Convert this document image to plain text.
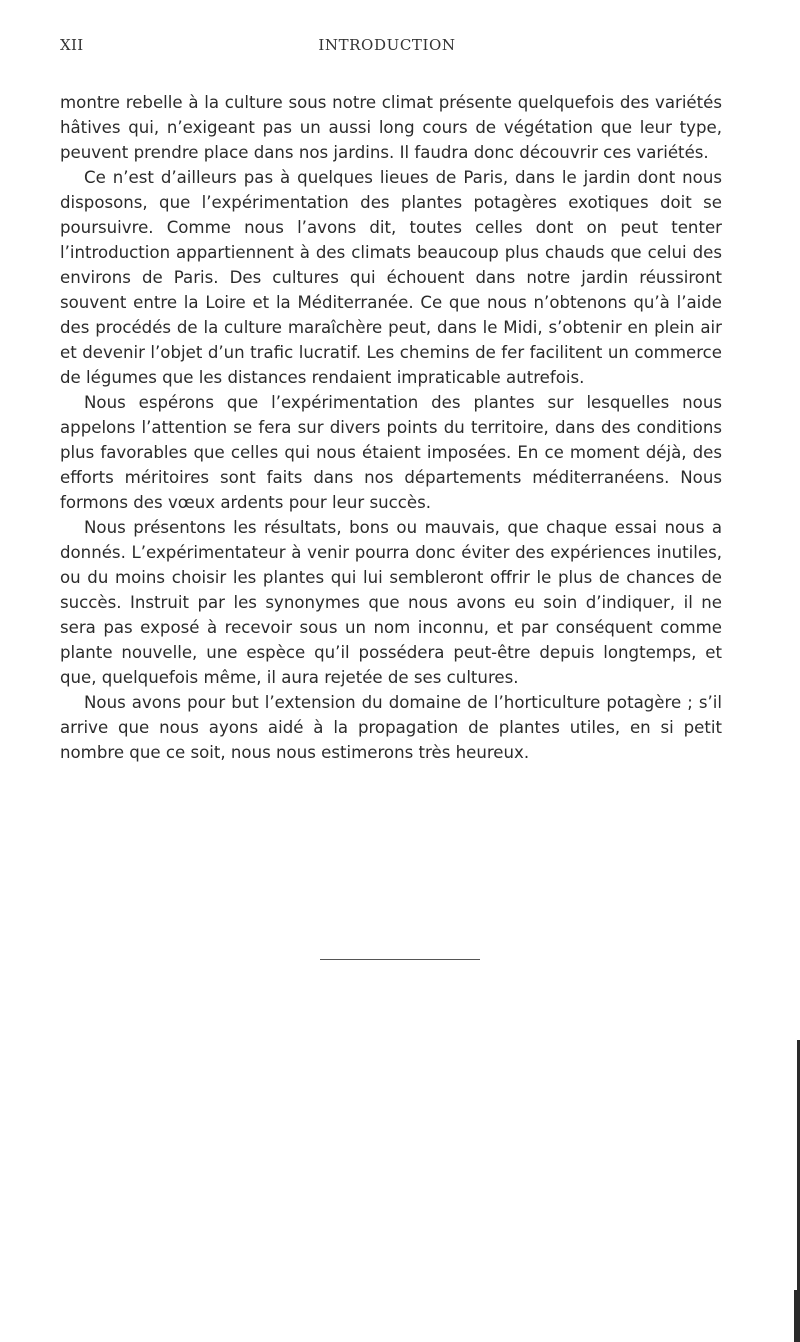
XII	INTRODUCTION

montre rebelle à la culture sous notre climat présente quelquefois des variétés hâtives qui, n’exigeant pas un aussi long cours de végétation que leur type, peuvent prendre place dans nos jardins. Il faudra donc découvrir ces variétés.

Ce n’est d’ailleurs pas à quelques lieues de Paris, dans le jardin dont nous disposons, que l’expérimentation des plantes potagères exotiques doit se poursuivre. Comme nous l’avons dit, toutes celles dont on peut tenter l’introduction appartiennent à des climats beaucoup plus chauds que celui des environs de Paris. Des cultures qui échouent dans notre jardin réussiront souvent entre la Loire et la Méditerranée. Ce que nous n’obtenons qu’à l’aide des procédés de la culture maraîchère peut, dans le Midi, s’obtenir en plein air et devenir l’objet d’un trafic lucratif. Les chemins de fer facilitent un commerce de légumes que les distances rendaient impraticable autrefois.

Nous espérons que l’expérimentation des plantes sur lesquelles nous appelons l’attention se fera sur divers points du territoire, dans des conditions plus favorables que celles qui nous étaient imposées. En ce moment déjà, des efforts méritoires sont faits dans nos départements méditerranéens. Nous formons des vœux ardents pour leur succès.

Nous présentons les résultats, bons ou mauvais, que chaque essai nous a donnés. L’expérimentateur à venir pourra donc éviter des expériences inutiles, ou du moins choisir les plantes qui lui sembleront offrir le plus de chances de succès. Instruit par les synonymes que nous avons eu soin d’indiquer, il ne sera pas exposé à recevoir sous un nom inconnu, et par conséquent comme plante nouvelle, une espèce qu’il possédera peut-être depuis longtemps, et que, quelquefois même, il aura rejetée de ses cultures.

Nous avons pour but l’extension du domaine de l’horticulture potagère ; s’il arrive que nous ayons aidé à la propagation de plantes utiles, en si petit nombre que ce soit, nous nous estimerons très heureux.
